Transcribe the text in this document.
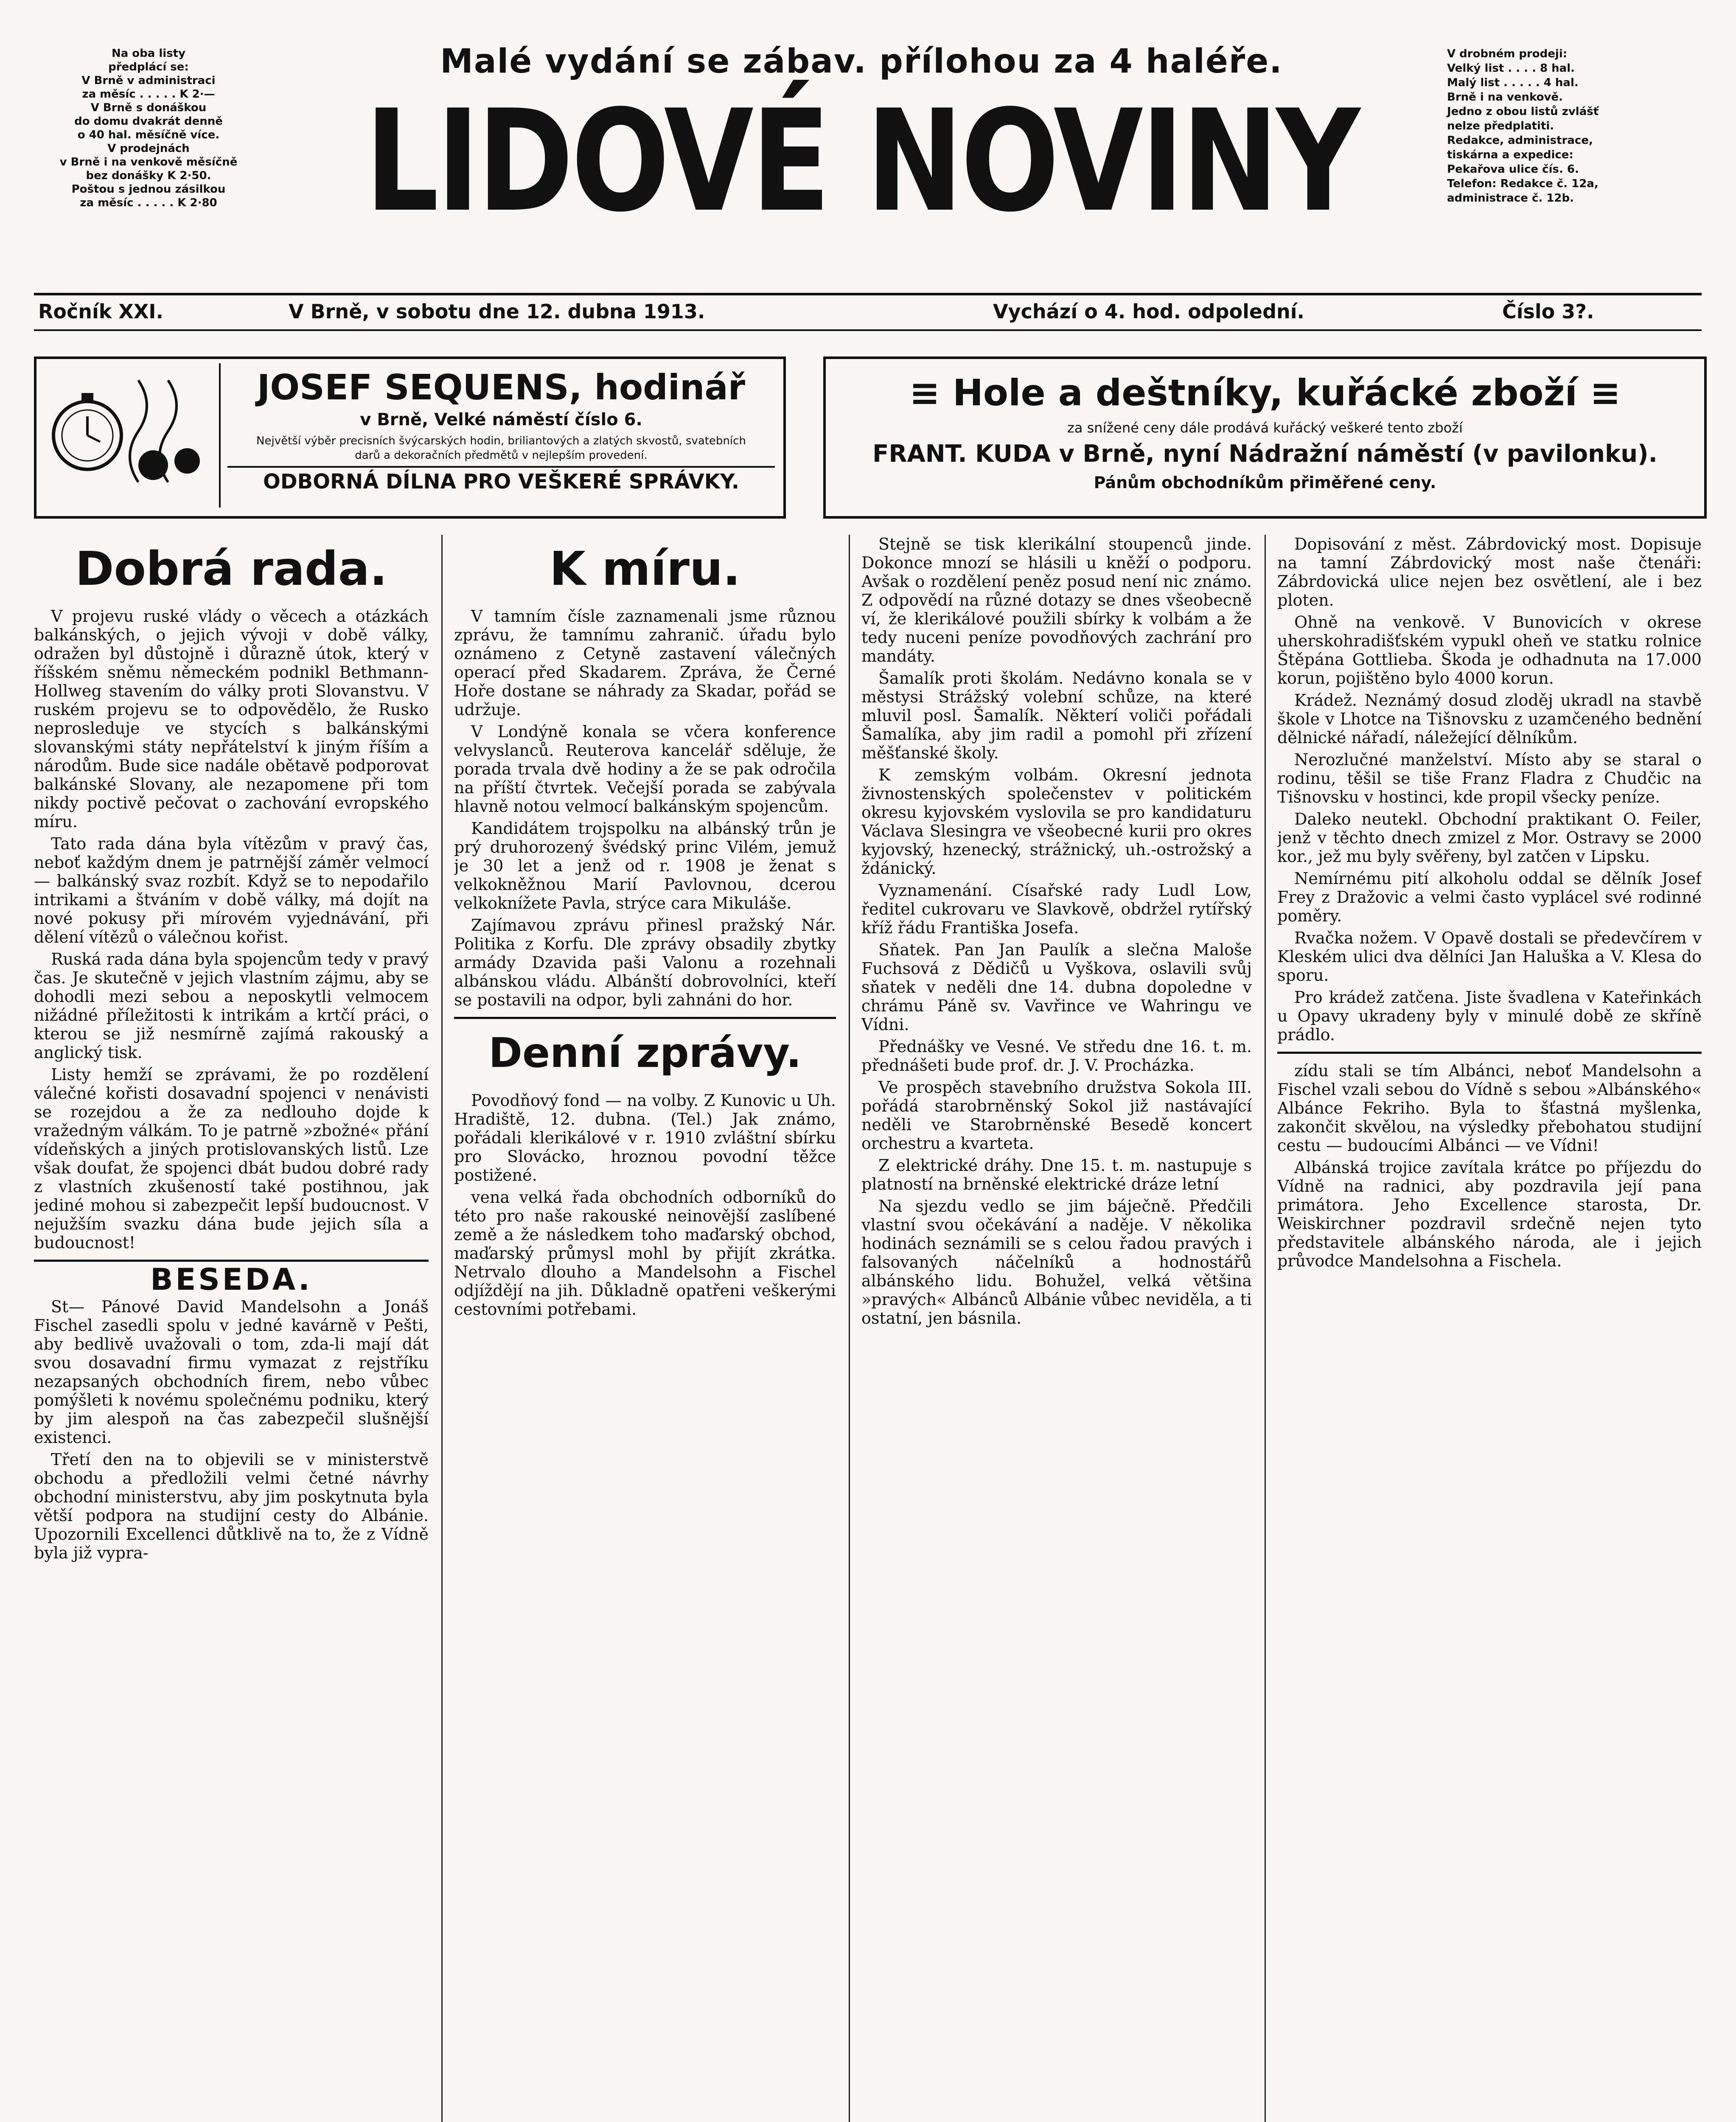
Na oba listy
předplácí se:
V Brně v administraci
za měsíc . . . . . K 2·—
V Brně s donáškou
do domu dvakrát denně
o 40 hal. měsíčně více.
V prodejnách
v Brně i na venkově měsíčně
bez donášky K 2·50.
Poštou s jednou zásilkou
za měsíc . . . . . K 2·80
Malé vydání se zábav. přílohou za 4 haléře.
LIDOVÉ NOVINY
V drobném prodeji:
Velký list . . . . 8 hal.
Malý list . . . . . 4 hal.
Brně i na venkově.
Jedno z obou listů zvlášť
nelze předplatiti.
Redakce, administrace,
tiskárna a expedice:
Pekařova ulice čís. 6.
Telefon: Redakce č. 12a,
administrace č. 12b.
Ročník XXI.	V Brně, v sobotu dne 12. dubna 1913.	Vychází o 4. hod. odpolední.	Číslo 3?.
JOSEF SEQUENS, hodinář
v Brně, Velké náměstí číslo 6.
Největší výběr precisních švýcarských hodin, briliantových a zlatých skvostů, svatebních darů a dekoračních předmětů v nejlepším provedení.
ODBORNÁ DÍLNA PRO VEŠKERÉ SPRÁVKY.
≡ Hole a deštníky, kuřácké zboží ≡
za snížené ceny dále prodává kuřácký veškeré tento zboží
FRANT. KUDA v Brně, nyní Nádražní náměstí (v pavilonku).
Pánům obchodníkům přiměřené ceny.
Dobrá rada.

V projevu ruské vlády o věcech a otázkách balkánských, o jejich vývoji v době války, odražen byl důstojně i důrazně útok, který v říšském sněmu německém podnikl Bethmann-Hollweg stavením do války proti Slovanstvu. V ruském projevu se to odpovědělo, že Rusko neprosleduje ve stycích s balkánskými slovanskými státy nepřátelství k jiným říším a národům. Bude sice nadále obětavě podporovat balkánské Slovany, ale nezapomene při tom nikdy poctivě pečovat o zachování evropského míru.

Tato rada dána byla vítězům v pravý čas, neboť každým dnem je patrnější záměr velmocí — balkánský svaz rozbít. Když se to nepodařilo intrikami a štváním v době války, má dojít na nové pokusy při mírovém vyjednávání, při dělení vítězů o válečnou kořist.

Ruská rada dána byla spojencům tedy v pravý čas. Je skutečně v jejich vlastním zájmu, aby se dohodli mezi sebou a neposkytli velmocem nižádné příležitosti k intrikám a krtčí práci, o kterou se již nesmírně zajímá rakouský a anglický tisk.

Listy hemží se zprávami, že po rozdělení válečné kořisti dosavadní spojenci v nenávisti se rozejdou a že za nedlouho dojde k vražedným válkám. To je patrně »zbožné« přání vídeňských a jiných protislovanských listů. Lze však doufat, že spojenci dbát budou dobré rady z vlastních zkušeností také postihnou, jak jediné mohou si zabezpečit lepší budoucnost. V nejužším svazku dána bude jejich síla a budoucnost!

BESEDA.

St— Pánové David Mandelsohn a Jonáš Fischel zasedli spolu v jedné kavárně v Pešti, aby bedlivě uvažovali o tom, zda-li mají dát svou dosavadní firmu vymazat z rejstříku nezapsaných obchodních firem, nebo vůbec pomýšleti k novému společnému podniku, který by jim alespoň na čas zabezpečil slušnější existenci.

Třetí den na to objevili se v ministerstvě obchodu a předložili velmi četné návrhy obchodní ministerstvu, aby jim poskytnuta byla větší podpora na studijní cesty do Albánie. Upozornili Excellenci důtklivě na to, že z Vídně byla již vypra-

K míru.

V tamním čísle zaznamenali jsme různou zprávu, že tamnímu zahranič. úřadu bylo oznámeno z Cetyně zastavení válečných operací před Skadarem. Zpráva, že Černé Hoře dostane se náhrady za Skadar, pořád se udržuje.

V Londýně konala se včera konference velvyslanců. Reuterova kancelář sděluje, že porada trvala dvě hodiny a že se pak odročila na příští čtvrtek. Večejší porada se zabývala hlavně notou velmocí balkánským spojencům.

Kandidátem trojspolku na albánský trůn je prý druhorozený švédský princ Vilém, jemuž je 30 let a jenž od r. 1908 je ženat s velkokněžnou Marií Pavlovnou, dcerou velkoknížete Pavla, strýce cara Mikuláše.

Zajímavou zprávu přinesl pražský Nár. Politika z Korfu. Dle zprávy obsadily zbytky armády Dzavida paši Valonu a rozehnali albánskou vládu. Albánští dobrovolníci, kteří se postavili na odpor, byli zahnáni do hor.

Denní zprávy.

Povodňový fond — na volby. Z Kunovic u Uh. Hradiště, 12. dubna. (Tel.) Jak známo, pořádali klerikálové v r. 1910 zvláštní sbírku pro Slovácko, hroznou povodní těžce postižené.

vena velká řada obchodních odborníků do této pro naše rakouské neinovější zaslíbené země a že následkem toho maďarský obchod, maďarský průmysl mohl by přijít zkrátka. Netrvalo dlouho a Mandelsohn a Fischel odjíždějí na jih. Důkladně opatřeni veškerými cestovními potřebami.

Stejně se tisk klerikální stoupenců jinde. Dokonce mnozí se hlásili u kněží o podporu. Avšak o rozdělení peněz posud není nic známo. Z odpovědí na různé dotazy se dnes všeobecně ví, že klerikálové použili sbírky k volbám a že tedy nuceni peníze povodňových zachrání pro mandáty.

Šamalík proti školám. Nedávno konala se v městysi Strážský volební schůze, na které mluvil posl. Šamalík. Některí voliči pořádali Šamalíka, aby jim radil a pomohl při zřízení měšťanské školy.

K zemským volbám. Okresní jednota živnostenských společenstev v politickém okresu kyjovském vyslovila se pro kandidaturu Václava Slesingra ve všeobecné kurii pro okres kyjovský, hzenecký, strážnický, uh.-ostrožský a ždánický.

Vyznamenání. Císařské rady Ludl Low, ředitel cukrovaru ve Slavkově, obdržel rytířský kříž řádu Františka Josefa.

Sňatek. Pan Jan Paulík a slečna Maloše Fuchsová z Dědičů u Vyškova, oslavili svůj sňatek v neděli dne 14. dubna dopoledne v chrámu Páně sv. Vavřince ve Wahringu ve Vídni.

Přednášky ve Vesné. Ve středu dne 16. t. m. přednášeti bude prof. dr. J. V. Procházka.

Ve prospěch stavebního družstva Sokola III. pořádá starobrněnský Sokol již nastávající neděli ve Starobrněnské Besedě koncert orchestru a kvarteta.

Z elektrické dráhy. Dne 15. t. m. nastupuje s platností na brněnské elektrické dráze letní

Na sjezdu vedlo se jim báječně. Předčili vlastní svou očekávání a naděje. V několika hodinách seznámili se s celou řadou pravých i falsovaných náčelníků a hodnostářů albánského lidu. Bohužel, velká většina »pravých« Albánců Albánie vůbec neviděla, a ti ostatní, jen básnila.

Dopisování z měst. Zábrdovický most. Dopisuje na tamní Zábrdovický most naše čtenáři: Zábrdovická ulice nejen bez osvětlení, ale i bez ploten.

Ohně na venkově. V Bunovicích v okrese uherskohradišťském vypukl oheň ve statku rolnice Štěpána Gottlieba. Škoda je odhadnuta na 17.000 korun, pojištěno bylo 4000 korun.

Krádež. Neznámý dosud zloděj ukradl na stavbě škole v Lhotce na Tišnovsku z uzamčeného bednění dělnické nářadí, náležející dělníkům.

Nerozlučné manželství. Místo aby se staral o rodinu, těšil se tiše Franz Fladra z Chudčic na Tišnovsku v hostinci, kde propil všecky peníze.

Daleko neutekl. Obchodní praktikant O. Feiler, jenž v těchto dnech zmizel z Mor. Ostravy se 2000 kor., jež mu byly svěřeny, byl zatčen v Lipsku.

Nemírnému pití alkoholu oddal se dělník Josef Frey z Dražovic a velmi často vyplácel své rodinné poměry.

Rvačka nožem. V Opavě dostali se předevčírem v Kleském ulici dva dělníci Jan Haluška a V. Klesa do sporu.

Pro krádež zatčena. Jiste švadlena v Kateřinkách u Opavy ukradeny byly v minulé době ze skříně prádlo.

zídu stali se tím Albánci, neboť Mandelsohn a Fischel vzali sebou do Vídně s sebou »Albánského« Albánce Fekriho. Byla to šťastná myšlenka, zakončit skvělou, na výsledky přebohatou studijní cestu — budoucími Albánci — ve Vídni!

Albánská trojice zavítala krátce po příjezdu do Vídně na radnici, aby pozdravila její pana primátora. Jeho Excellence starosta, Dr. Weiskirchner pozdravil srdečně nejen tyto představitele albánského národa, ale i jejich průvodce Mandelsohna a Fischela.
